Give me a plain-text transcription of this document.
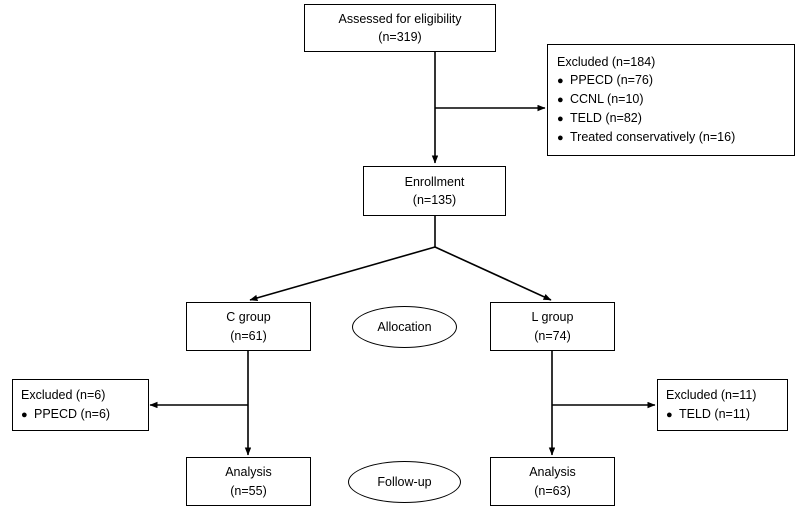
Assessed for eligibility
(n=319)
Excluded (n=184)
● PPECD (n=76)
● CCNL (n=10)
● TELD (n=82)
● Treated conservatively (n=16)
Enrollment
(n=135)
C group
(n=61)
Allocation
L group
(n=74)
Excluded (n=6)
● PPECD (n=6)
Excluded (n=11)
● TELD (n=11)
Analysis
(n=55)
Follow-up
Analysis
(n=63)
